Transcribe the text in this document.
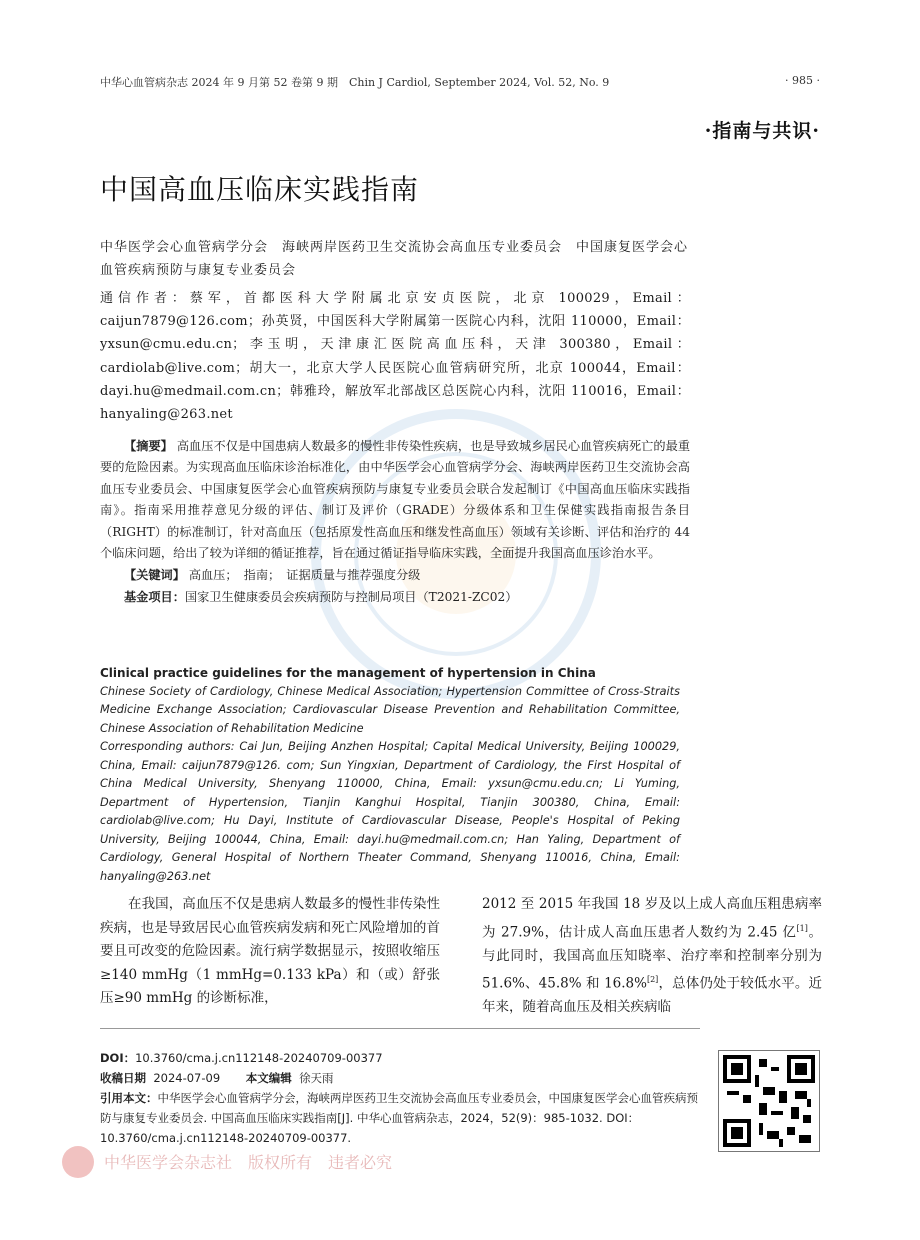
中华心血管病杂志 2024 年 9 月第 52 卷第 9 期　Chin J Cardiol, September 2024, Vol. 52, No. 9	· 985 ·
·指南与共识·
中国高血压临床实践指南
中华医学会心血管病学分会　海峡两岸医药卫生交流协会高血压专业委员会　中国康复医学会心血管疾病预防与康复专业委员会
通信作者：蔡军，首都医科大学附属北京安贞医院，北京 100029，Email：caijun7879@126.com；孙英贤，中国医科大学附属第一医院心内科，沈阳 110000，Email：yxsun@cmu.edu.cn；李玉明，天津康汇医院高血压科，天津 300380，Email：cardiolab@live.com；胡大一，北京大学人民医院心血管病研究所，北京 100044，Email：dayi.hu@medmail.com.cn；韩雅玲，解放军北部战区总医院心内科，沈阳 110016，Email：hanyaling@263.net

【摘要】 高血压不仅是中国患病人数最多的慢性非传染性疾病，也是导致城乡居民心血管疾病死亡的最重要的危险因素。为实现高血压临床诊治标准化，由中华医学会心血管病学分会、海峡两岸医药卫生交流协会高血压专业委员会、中国康复医学会心血管疾病预防与康复专业委员会联合发起制订《中国高血压临床实践指南》。指南采用推荐意见分级的评估、制订及评价（GRADE）分级体系和卫生保健实践指南报告条目（RIGHT）的标准制订，针对高血压（包括原发性高血压和继发性高血压）领域有关诊断、评估和治疗的 44 个临床问题，给出了较为详细的循证推荐，旨在通过循证指导临床实践，全面提升我国高血压诊治水平。

【关键词】 高血压；　指南；　证据质量与推荐强度分级
基金项目：国家卫生健康委员会疾病预防与控制局项目（T2021-ZC02）
Clinical practice guidelines for the management of hypertension in China
Chinese Society of Cardiology, Chinese Medical Association; Hypertension Committee of Cross-Straits Medicine Exchange Association; Cardiovascular Disease Prevention and Rehabilitation Committee, Chinese Association of Rehabilitation Medicine
Corresponding authors: Cai Jun, Beijing Anzhen Hospital; Capital Medical University, Beijing 100029, China, Email: caijun7879@126. com; Sun Yingxian, Department of Cardiology, the First Hospital of China Medical University, Shenyang 110000, China, Email: yxsun@cmu.edu.cn; Li Yuming, Department of Hypertension, Tianjin Kanghui Hospital, Tianjin 300380, China, Email: cardiolab@live.com; Hu Dayi, Institute of Cardiovascular Disease, People's Hospital of Peking University, Beijing 100044, China, Email: dayi.hu@medmail.com.cn; Han Yaling, Department of Cardiology, General Hospital of Northern Theater Command, Shenyang 110016, China, Email: hanyaling@263.net
在我国，高血压不仅是患病人数最多的慢性非传染性疾病，也是导致居民心血管疾病发病和死亡风险增加的首要且可改变的危险因素。流行病学数据显示，按照收缩压≥140 mmHg（1 mmHg=0.133 kPa）和（或）舒张压≥90 mmHg 的诊断标准，
2012 至 2015 年我国 18 岁及以上成人高血压粗患病率为 27.9%，估计成人高血压患者人数约为 2.45 亿[1]。与此同时，我国高血压知晓率、治疗率和控制率分别为 51.6%、45.8% 和 16.8%[2]，总体仍处于较低水平。近年来，随着高血压及相关疾病临
DOI：10.3760/cma.j.cn112148-20240709-00377
收稿日期 2024-07-09 本文编辑 徐天雨
引用本文：中华医学会心血管病学分会，海峡两岸医药卫生交流协会高血压专业委员会，中国康复医学会心血管疾病预防与康复专业委员会. 中国高血压临床实践指南[J]. 中华心血管病杂志，2024，52(9)：985-1032. DOI：10.3760/cma.j.cn112148-20240709-00377.
中华医学会杂志社　版权所有　违者必究
